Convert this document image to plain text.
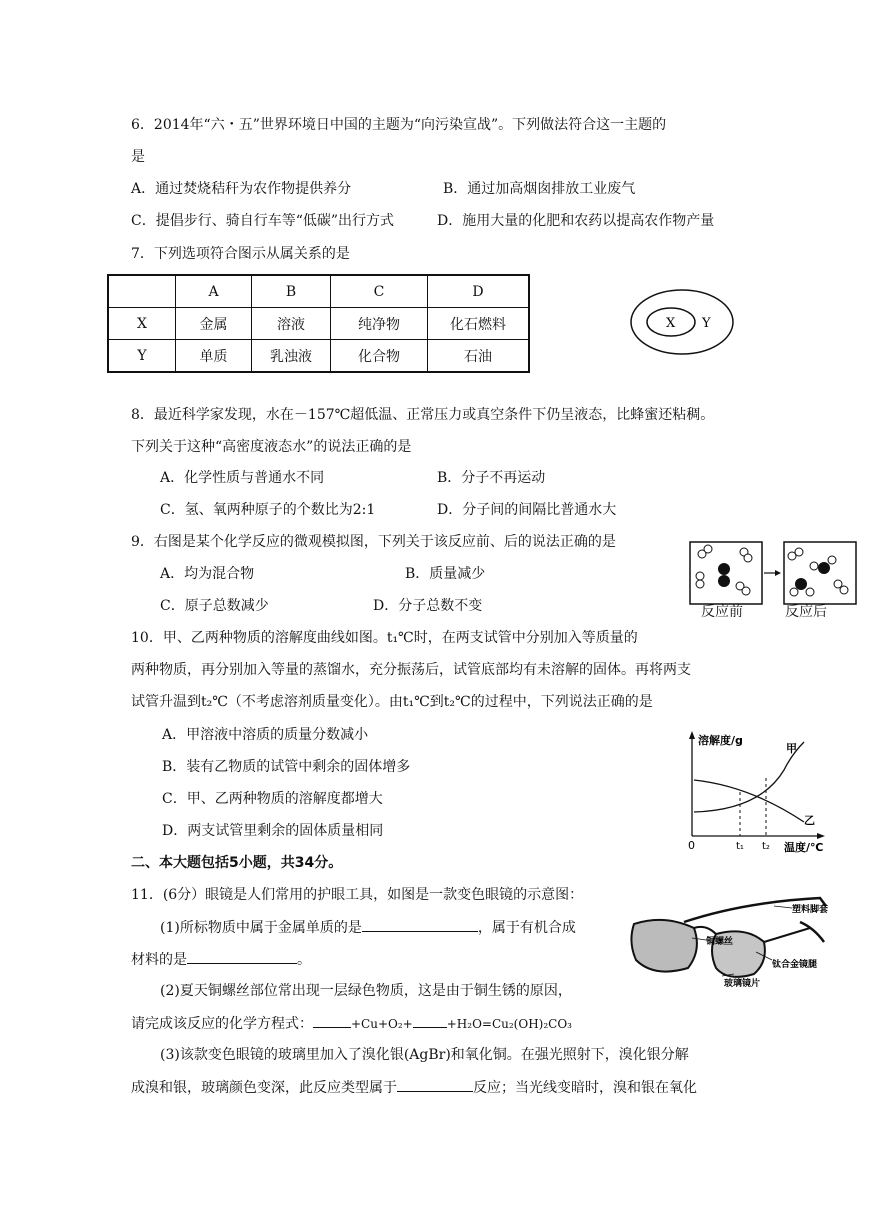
6．2014年“六・五”世界环境日中国的主题为“向污染宣战”。下列做法符合这一主题的
是
A．通过焚烧秸秆为农作物提供养分	B．通过加高烟囱排放工业废气
C．提倡步行、骑自行车等“低碳”出行方式	D．施用大量的化肥和农药以提高农作物产量
7．下列选项符合图示从属关系的是
	A	B	C	D
X	金属	溶液	纯净物	化石燃料
Y	单质	乳浊液	化合物	石油
X Y
8．最近科学家发现，水在－157℃超低温、正常压力或真空条件下仍呈液态，比蜂蜜还粘稠。
下列关于这种“高密度液态水”的说法正确的是
A．化学性质与普通水不同	B．分子不再运动
C．氢、氧两种原子的个数比为2:1	D．分子间的间隔比普通水大
9．右图是某个化学反应的微观模拟图，下列关于该反应前、后的说法正确的是
A．均为混合物	B．质量减少
C．原子总数减少	D．分子总数不变	反应前	反应后
10．甲、乙两种物质的溶解度曲线如图。t₁℃时，在两支试管中分别加入等质量的
两种物质，再分别加入等量的蒸馏水，充分振荡后，试管底部均有未溶解的固体。再将两支
试管升温到t₂℃（不考虑溶剂质量变化）。由t₁℃到t₂℃的过程中，下列说法正确的是
A．甲溶液中溶质的质量分数减小
B．装有乙物质的试管中剩余的固体增多
C．甲、乙两种物质的溶解度都增大
D．两支试管里剩余的固体质量相同
溶解度/g
甲
乙
0	t₁ t₂ 温度/℃
二、本大题包括5小题，共34分。
11．(6分）眼镜是人们常用的护眼工具，如图是一款变色眼镜的示意图：
(1)所标物质中属于金属单质的是	，属于有机合成
材料的是	。
(2)夏天铜螺丝部位常出现一层绿色物质，这是由于铜生锈的原因，
请完成该反应的化学方程式：	+Cu+O₂+	+H₂O=Cu₂(OH)₂CO₃
(3)该款变色眼镜的玻璃里加入了溴化银(AgBr)和氧化铜。在强光照射下，溴化银分解
成溴和银，玻璃颜色变深，此反应类型属于	反应；当光线变暗时，溴和银在氧化
塑料脚套
铜螺丝
钛合金镜腿
玻璃镜片
